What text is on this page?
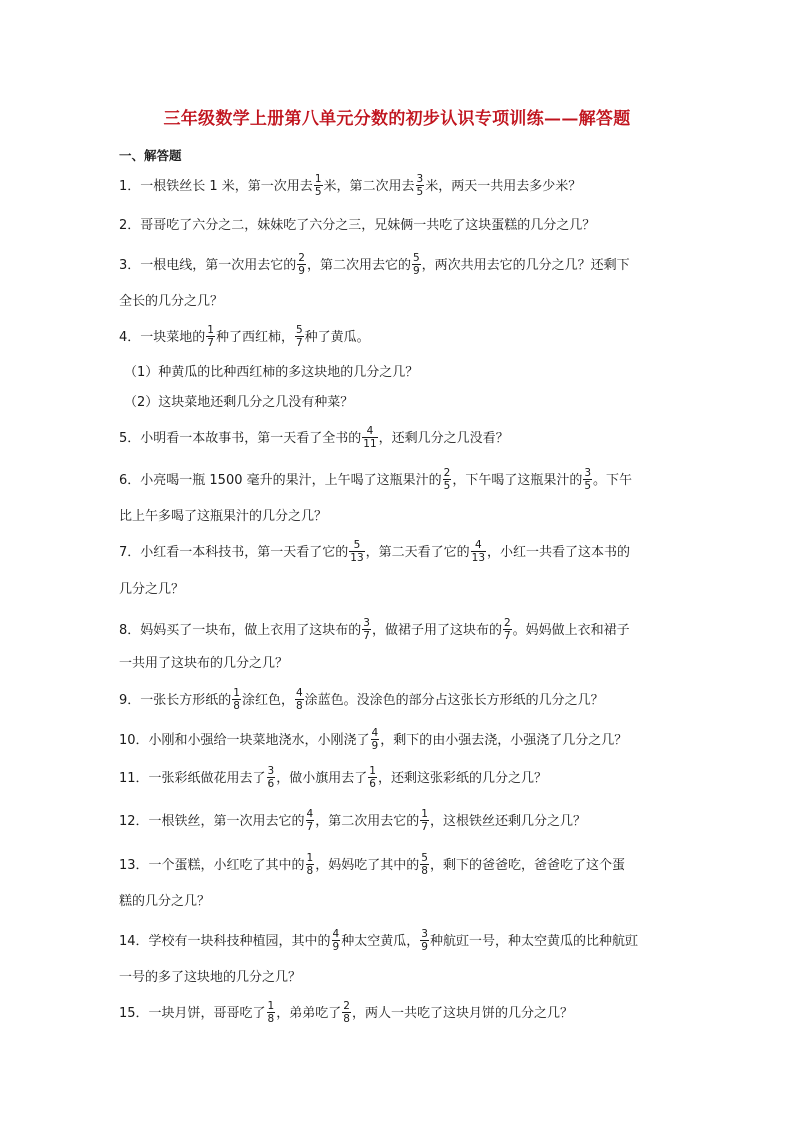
三年级数学上册第八单元分数的初步认识专项训练——解答题
一、解答题
1．一根铁丝长 1 米，第一次用去 $\frac{1}{5}$ 米，第二次用去 $\frac{3}{5}$ 米，两天一共用去多少米？
2．哥哥吃了六分之二，妹妹吃了六分之三，兄妹俩一共吃了这块蛋糕的几分之几？
3．一根电线，第一次用去它的 $\frac{2}{9}$ ，第二次用去它的 $\frac{5}{9}$ ，两次共用去它的几分之几？还剩下
全长的几分之几？
4．一块菜地的 $\frac{1}{7}$ 种了西红柿， $\frac{5}{7}$ 种了黄瓜。
（1）种黄瓜的比种西红柿的多这块地的几分之几？
（2）这块菜地还剩几分之几没有种菜？
5．小明看一本故事书，第一天看了全书的 $\frac{4}{11}$ ，还剩几分之几没看？
6．小亮喝一瓶 1500 毫升的果汁，上午喝了这瓶果汁的 $\frac{2}{5}$ ，下午喝了这瓶果汁的 $\frac{3}{5}$ 。下午
比上午多喝了这瓶果汁的几分之几？
7．小红看一本科技书，第一天看了它的 $\frac{5}{13}$ ，第二天看了它的 $\frac{4}{13}$ ，小红一共看了这本书的
几分之几？
8．妈妈买了一块布，做上衣用了这块布的 $\frac{3}{7}$ ，做裙子用了这块布的 $\frac{2}{7}$ 。妈妈做上衣和裙子
一共用了这块布的几分之几？
9．一张长方形纸的 $\frac{1}{8}$ 涂红色， $\frac{4}{8}$ 涂蓝色。没涂色的部分占这张长方形纸的几分之几？
10．小刚和小强给一块菜地浇水，小刚浇了 $\frac{4}{9}$ ，剩下的由小强去浇，小强浇了几分之几？
11．一张彩纸做花用去了 $\frac{3}{6}$ ，做小旗用去了 $\frac{1}{6}$ ，还剩这张彩纸的几分之几？
12．一根铁丝，第一次用去它的 $\frac{4}{7}$ ，第二次用去它的 $\frac{1}{7}$ ，这根铁丝还剩几分之几？
13．一个蛋糕，小红吃了其中的 $\frac{1}{8}$ ，妈妈吃了其中的 $\frac{5}{8}$ ，剩下的爸爸吃，爸爸吃了这个蛋
糕的几分之几？
14．学校有一块科技种植园，其中的 $\frac{4}{9}$ 种太空黄瓜， $\frac{3}{9}$ 种航豇一号，种太空黄瓜的比种航豇
一号的多了这块地的几分之几？
15．一块月饼，哥哥吃了 $\frac{1}{8}$ ，弟弟吃了 $\frac{2}{8}$ ，两人一共吃了这块月饼的几分之几？
